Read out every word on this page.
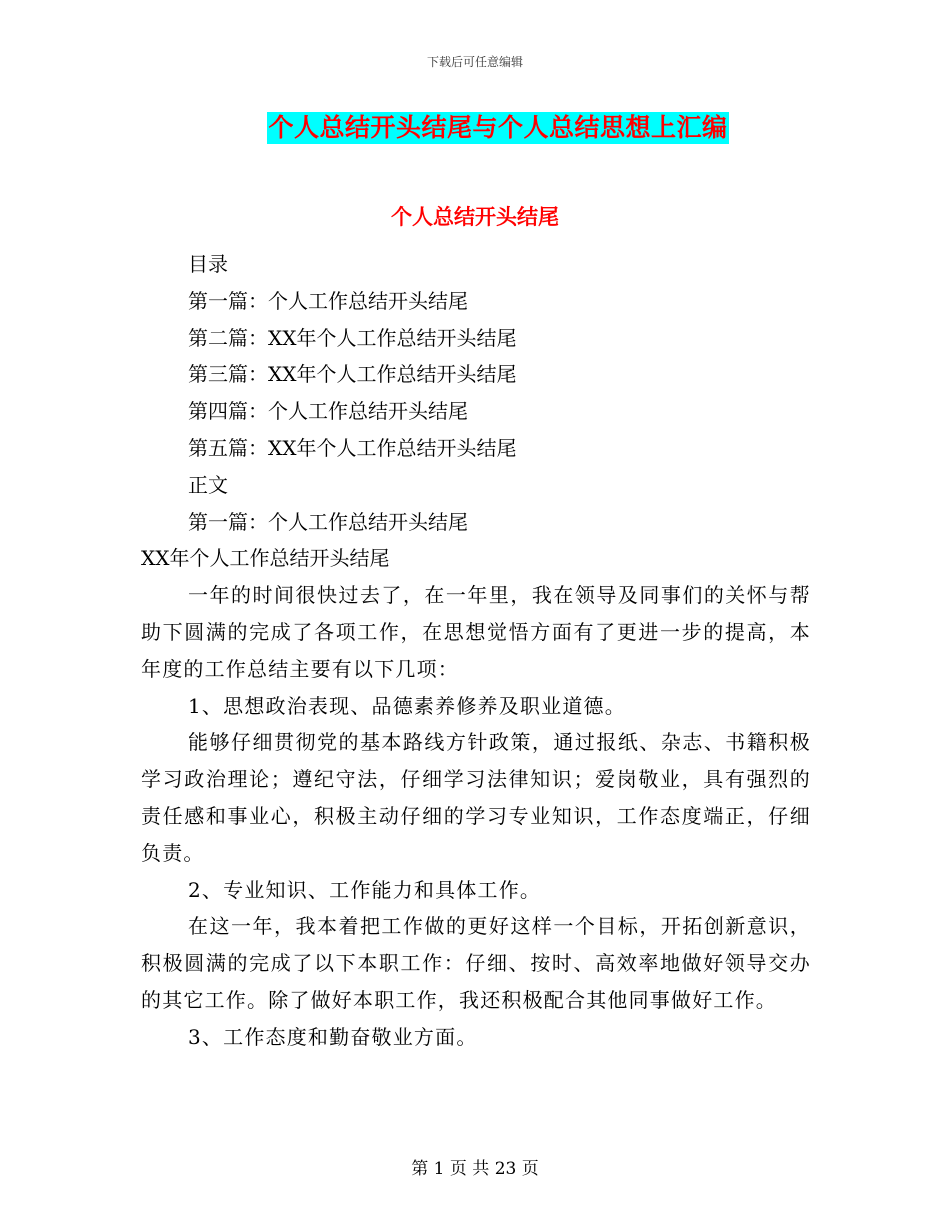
下载后可任意编辑
个人总结开头结尾与个人总结思想上汇编
个人总结开头结尾

目录

第一篇：个人工作总结开头结尾

第二篇：XX年个人工作总结开头结尾

第三篇：XX年个人工作总结开头结尾

第四篇：个人工作总结开头结尾

第五篇：XX年个人工作总结开头结尾

正文

第一篇：个人工作总结开头结尾

XX年个人工作总结开头结尾

一年的时间很快过去了，在一年里，我在领导及同事们的关怀与帮助下圆满的完成了各项工作，在思想觉悟方面有了更进一步的提高，本年度的工作总结主要有以下几项：

1、思想政治表现、品德素养修养及职业道德。

能够仔细贯彻党的基本路线方针政策，通过报纸、杂志、书籍积极学习政治理论；遵纪守法，仔细学习法律知识；爱岗敬业，具有强烈的责任感和事业心，积极主动仔细的学习专业知识，工作态度端正，仔细负责。

2、专业知识、工作能力和具体工作。

在这一年，我本着把工作做的更好这样一个目标，开拓创新意识，积极圆满的完成了以下本职工作：仔细、按时、高效率地做好领导交办的其它工作。除了做好本职工作，我还积极配合其他同事做好工作。

3、工作态度和勤奋敬业方面。

第 1 页 共 23 页
